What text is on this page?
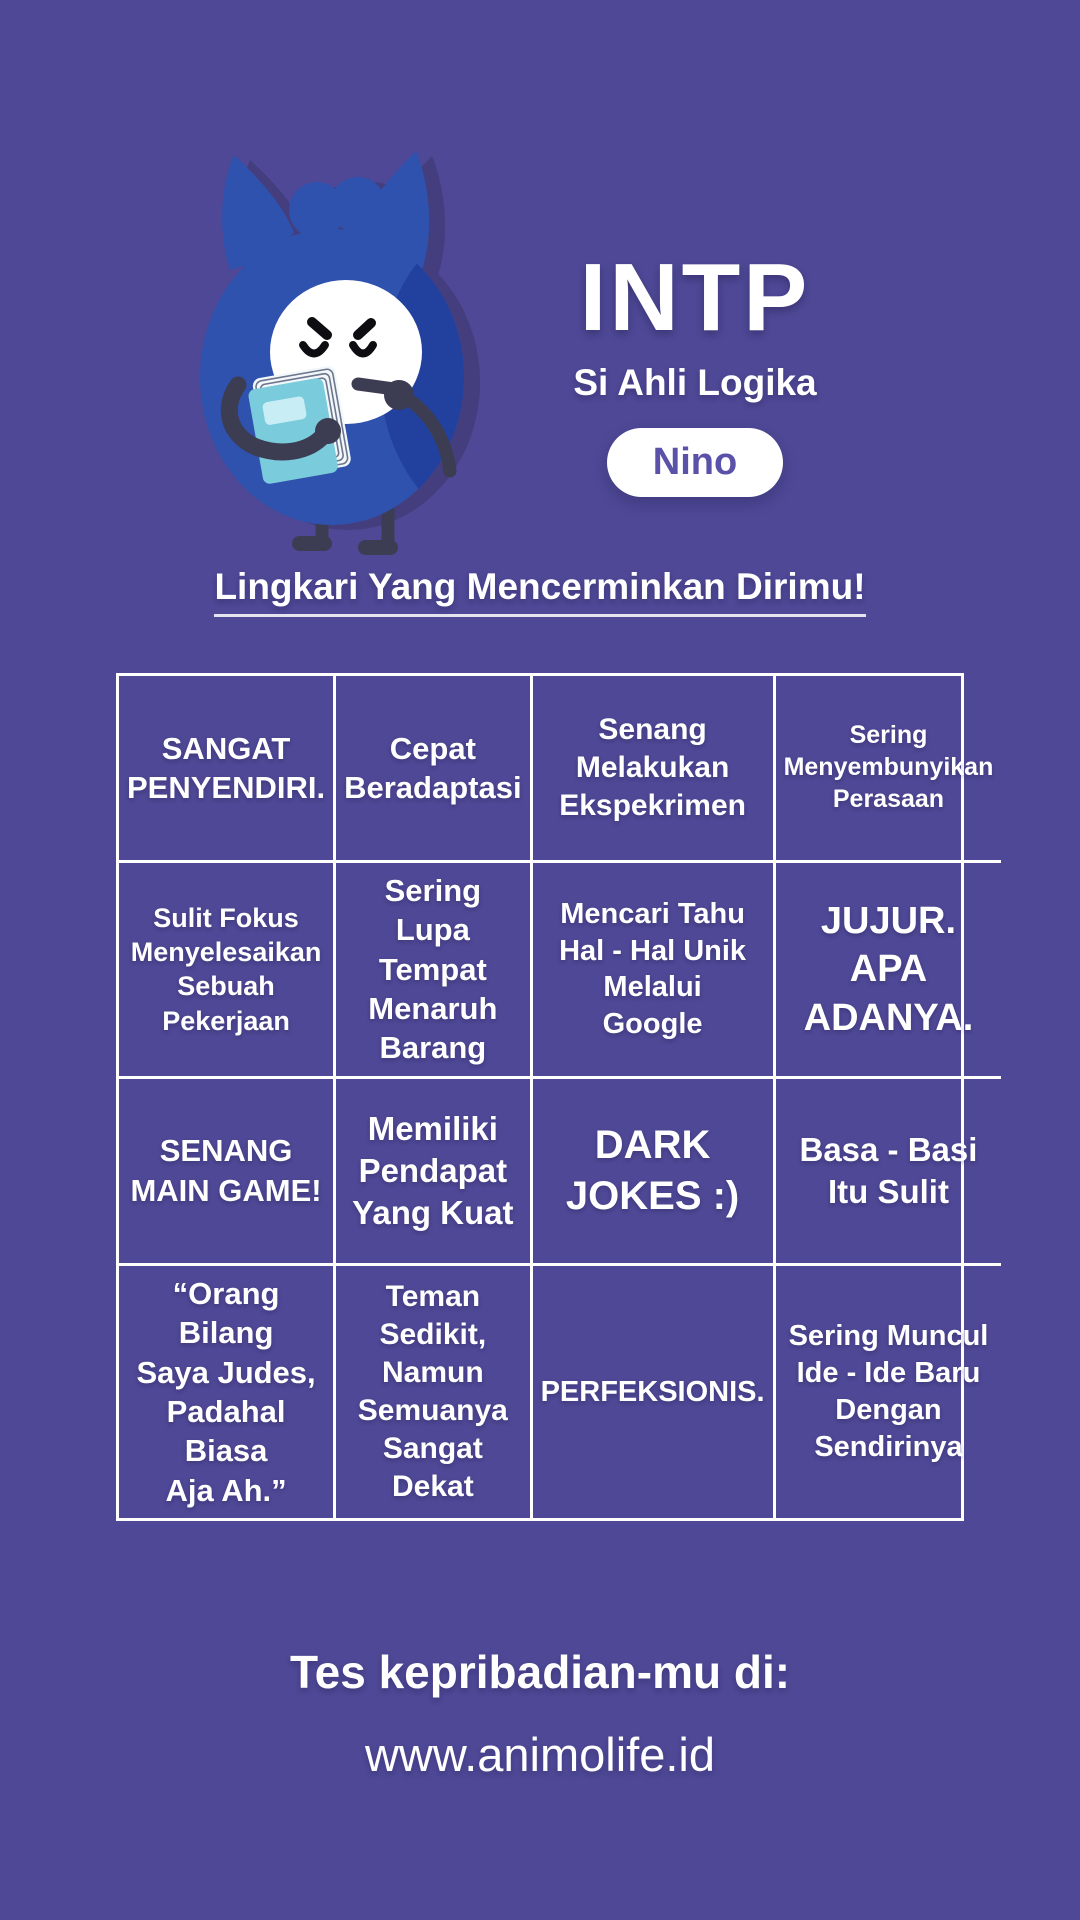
INTP
Si Ahli Logika
Nino
Lingkari Yang Mencerminkan Dirimu!
SANGAT
PENYENDIRI.
Cepat
Beradaptasi
Senang
Melakukan
Ekspekrimen
Sering
Menyembunyikan
Perasaan
Sulit Fokus
Menyelesaikan
Sebuah
Pekerjaan
Sering Lupa
Tempat
Menaruh
Barang
Mencari Tahu
Hal - Hal Unik
Melalui
Google
JUJUR.
APA
ADANYA.
SENANG
MAIN GAME!
Memiliki
Pendapat
Yang Kuat
DARK
JOKES :)
Basa - Basi
Itu Sulit
“Orang Bilang
Saya Judes,
Padahal Biasa
Aja Ah.”
Teman Sedikit,
Namun
Semuanya
Sangat Dekat
PERFEKSIONIS.
Sering Muncul
Ide - Ide Baru
Dengan
Sendirinya
Tes kepribadian-mu di:
www.animolife.id
